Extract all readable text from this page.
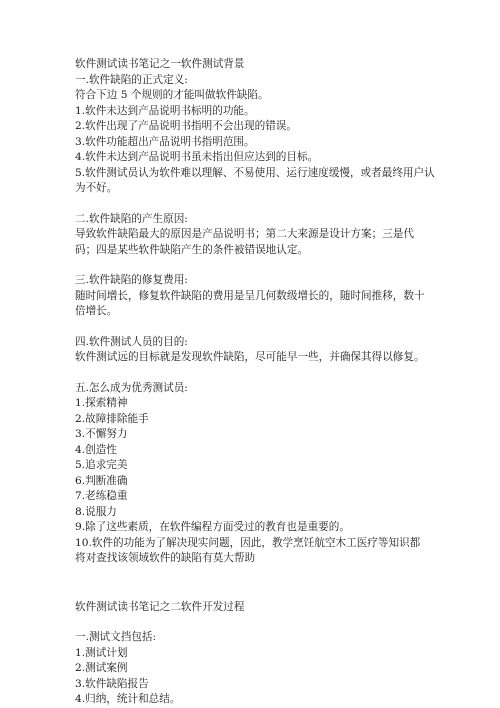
软件测试读书笔记之一软件测试背景
一.软件缺陷的正式定义:
符合下边 5 个规则的才能叫做软件缺陷。
1.软件未达到产品说明书标明的功能。
2.软件出现了产品说明书指明不会出现的错误。
3.软件功能超出产品说明书指明范围。
4.软件未达到产品说明书虽未指出但应达到的目标。
5.软件测试员认为软件难以理解、不易使用、运行速度缓慢，或者最终用户认为不好。
二.软件缺陷的产生原因:
导致软件缺陷最大的原因是产品说明书；第二大来源是设计方案；三是代码；四是某些软件缺陷产生的条件被错误地认定。
三.软件缺陷的修复费用:
随时间增长，修复软件缺陷的费用是呈几何数级增长的，随时间推移，数十倍增长。
四.软件测试人员的目的:
软件测试远的目标就是发现软件缺陷，尽可能早一些，并确保其得以修复。
五.怎么成为优秀测试员:
1.探索精神
2.故障排除能手
3.不懈努力
4.创造性
5.追求完美
6.判断准确
7.老练稳重
8.说服力
9.除了这些素质，在软件编程方面受过的教育也是重要的。
10.软件的功能为了解决现实问题，因此，教学烹饪航空木工医疗等知识都
将对查找该领域软件的缺陷有莫大帮助
软件测试读书笔记之二软件开发过程
一.测试文挡包括:
1.测试计划
2.测试案例
3.软件缺陷报告
4.归纳，统计和总结。
